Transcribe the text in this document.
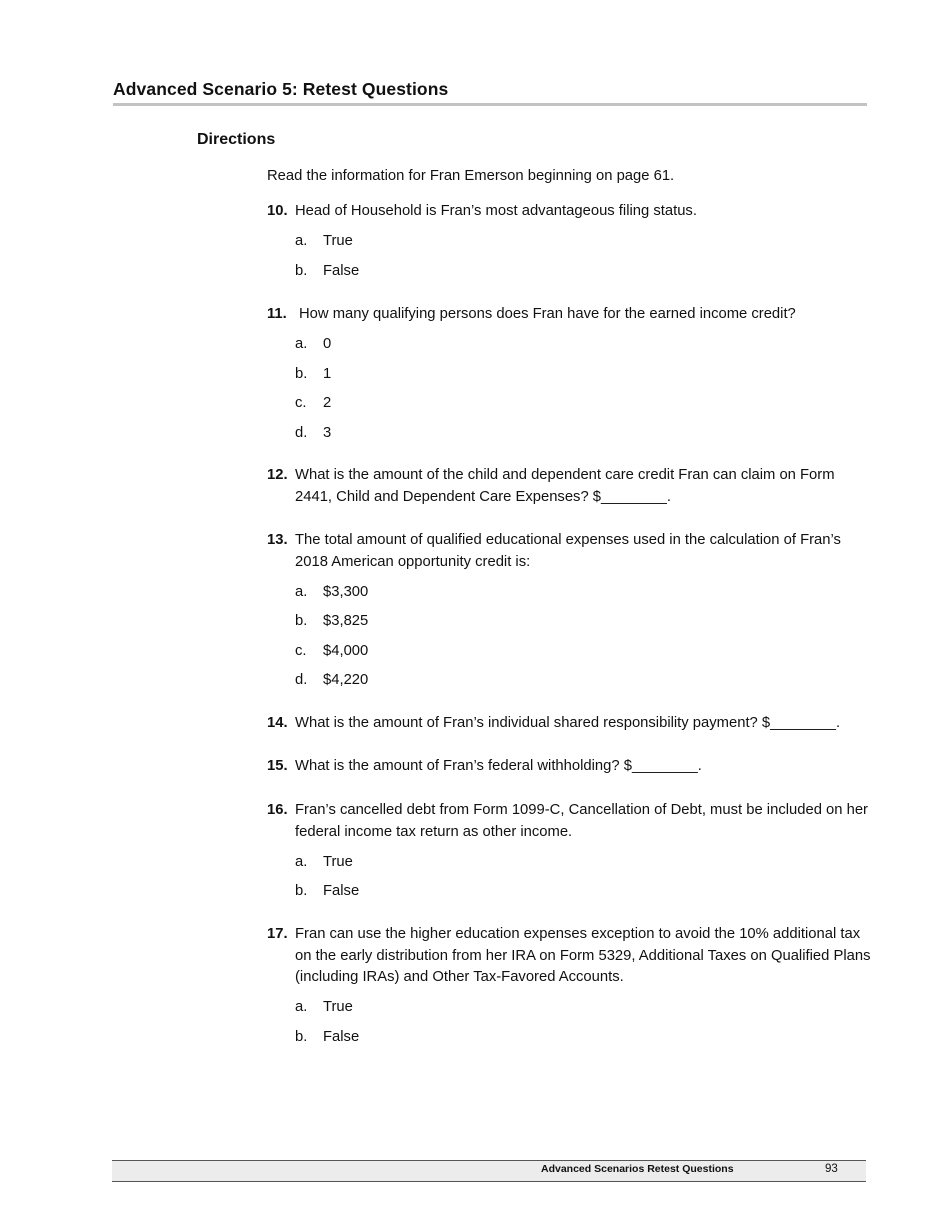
Advanced Scenario 5: Retest Questions
Directions
Read the information for Fran Emerson beginning on page 61.
10. Head of Household is Fran’s most advantageous filing status.
a. True
b. False
11. How many qualifying persons does Fran have for the earned income credit?
a. 0
b. 1
c. 2
d. 3
12. What is the amount of the child and dependent care credit Fran can claim on Form 2441, Child and Dependent Care Expenses? $________.
13. The total amount of qualified educational expenses used in the calculation of Fran’s 2018 American opportunity credit is:
a. $3,300
b. $3,825
c. $4,000
d. $4,220
14. What is the amount of Fran’s individual shared responsibility payment? $________.
15. What is the amount of Fran’s federal withholding? $________.
16. Fran’s cancelled debt from Form 1099-C, Cancellation of Debt, must be included on her federal income tax return as other income.
a. True
b. False
17. Fran can use the higher education expenses exception to avoid the 10% additional tax on the early distribution from her IRA on Form 5329, Additional Taxes on Qualified Plans (including IRAs) and Other Tax-Favored Accounts.
a. True
b. False
Advanced Scenarios Retest Questions	93
